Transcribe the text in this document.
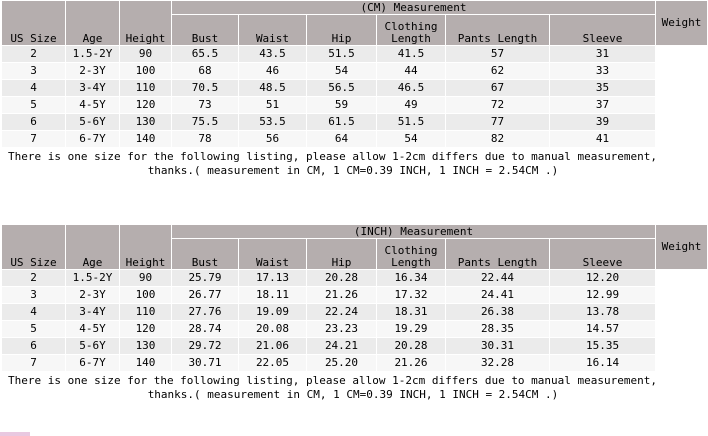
US Size	Age	Height	(CM) Measurement						Weight
			Bust	Waist	Hip	Clothing Length	Pants Length	Sleeve	
2	1.5-2Y	90	65.5	43.5	51.5	41.5	57	31	
3	2-3Y	100	68	46	54	44	62	33	
4	3-4Y	110	70.5	48.5	56.5	46.5	67	35	
5	4-5Y	120	73	51	59	49	72	37	
6	5-6Y	130	75.5	53.5	61.5	51.5	77	39	
7	6-7Y	140	78	56	64	54	82	41	
There is one size for the following listing, please allow 1-2cm differs due to manual measurement,
thanks.( measurement in CM, 1 CM=0.39 INCH, 1 INCH = 2.54CM .)
US Size	Age	Height	(INCH) Measurement						Weight
			Bust	Waist	Hip	Clothing Length	Pants Length	Sleeve	
2	1.5-2Y	90	25.79	17.13	20.28	16.34	22.44	12.20	
3	2-3Y	100	26.77	18.11	21.26	17.32	24.41	12.99	
4	3-4Y	110	27.76	19.09	22.24	18.31	26.38	13.78	
5	4-5Y	120	28.74	20.08	23.23	19.29	28.35	14.57	
6	5-6Y	130	29.72	21.06	24.21	20.28	30.31	15.35	
7	6-7Y	140	30.71	22.05	25.20	21.26	32.28	16.14	
There is one size for the following listing, please allow 1-2cm differs due to manual measurement,
thanks.( measurement in CM, 1 CM=0.39 INCH, 1 INCH = 2.54CM .)
